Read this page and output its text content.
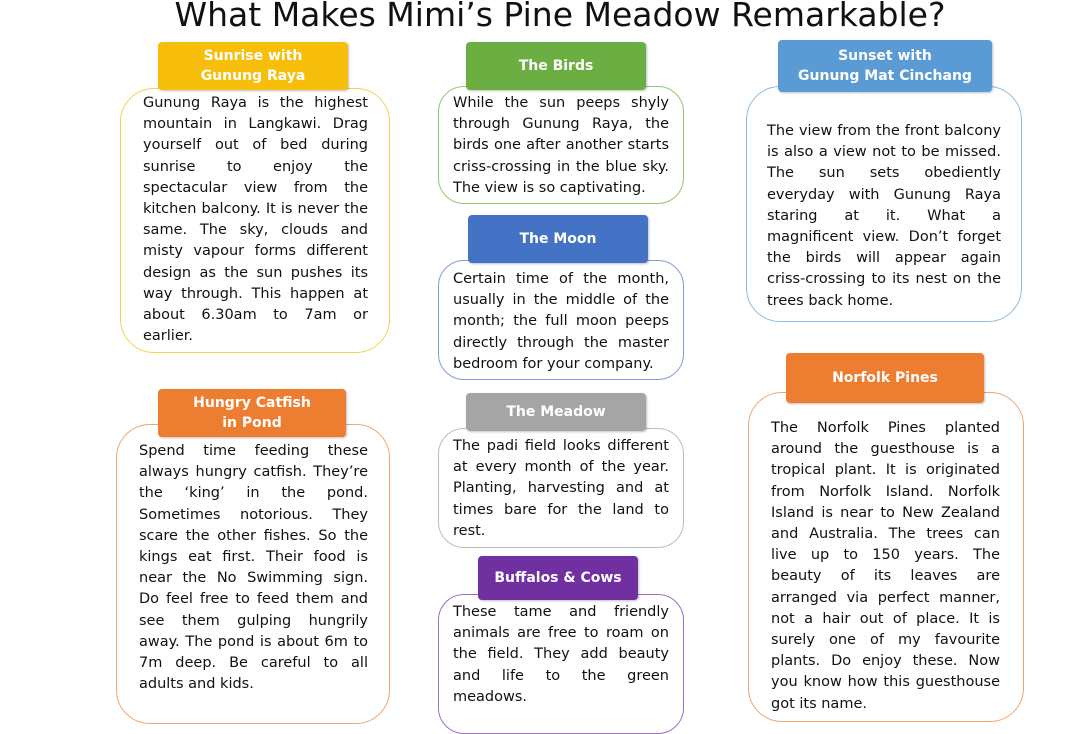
What Makes Mimi’s Pine Meadow Remarkable?
Gunung Raya is the highest mountain in Langkawi. Drag yourself out of bed during sunrise to enjoy the spectacular view from the kitchen balcony. It is never the same. The sky, clouds and misty vapour forms different design as the sun pushes its way through. This happen at about 6.30am to 7am or earlier.
Sunrise with
Gunung Raya
While the sun peeps shyly through Gunung Raya, the birds one after another starts criss-crossing in the blue sky. The view is so captivating.
The Birds
Certain time of the month, usually in the middle of the month; the full moon peeps directly through the master bedroom for your company.
The Moon
The view from the front balcony is also a view not to be missed. The sun sets obediently everyday with Gunung Raya staring at it. What a magnificent view. Don’t forget the birds will appear again criss-crossing to its nest on the trees back home.
Sunset with
Gunung Mat Cinchang
Spend time feeding these always hungry catfish. They’re the ‘king’ in the pond. Sometimes notorious. They scare the other fishes. So the kings eat first. Their food is near the No Swimming sign. Do feel free to feed them and see them gulping hungrily away. The pond is about 6m to 7m deep. Be careful to all adults and kids.
Hungry Catfish
in Pond
The padi field looks different at every month of the year. Planting, harvesting and at times bare for the land to rest.
The Meadow
These tame and friendly animals are free to roam on the field. They add beauty and life to the green meadows.
Buffalos & Cows
The Norfolk Pines planted around the guesthouse is a tropical plant. It is originated from Norfolk Island. Norfolk Island is near to New Zealand and Australia. The trees can live up to 150 years. The beauty of its leaves are arranged via perfect manner, not a hair out of place. It is surely one of my favourite plants. Do enjoy these. Now you know how this guesthouse got its name.
Norfolk Pines
